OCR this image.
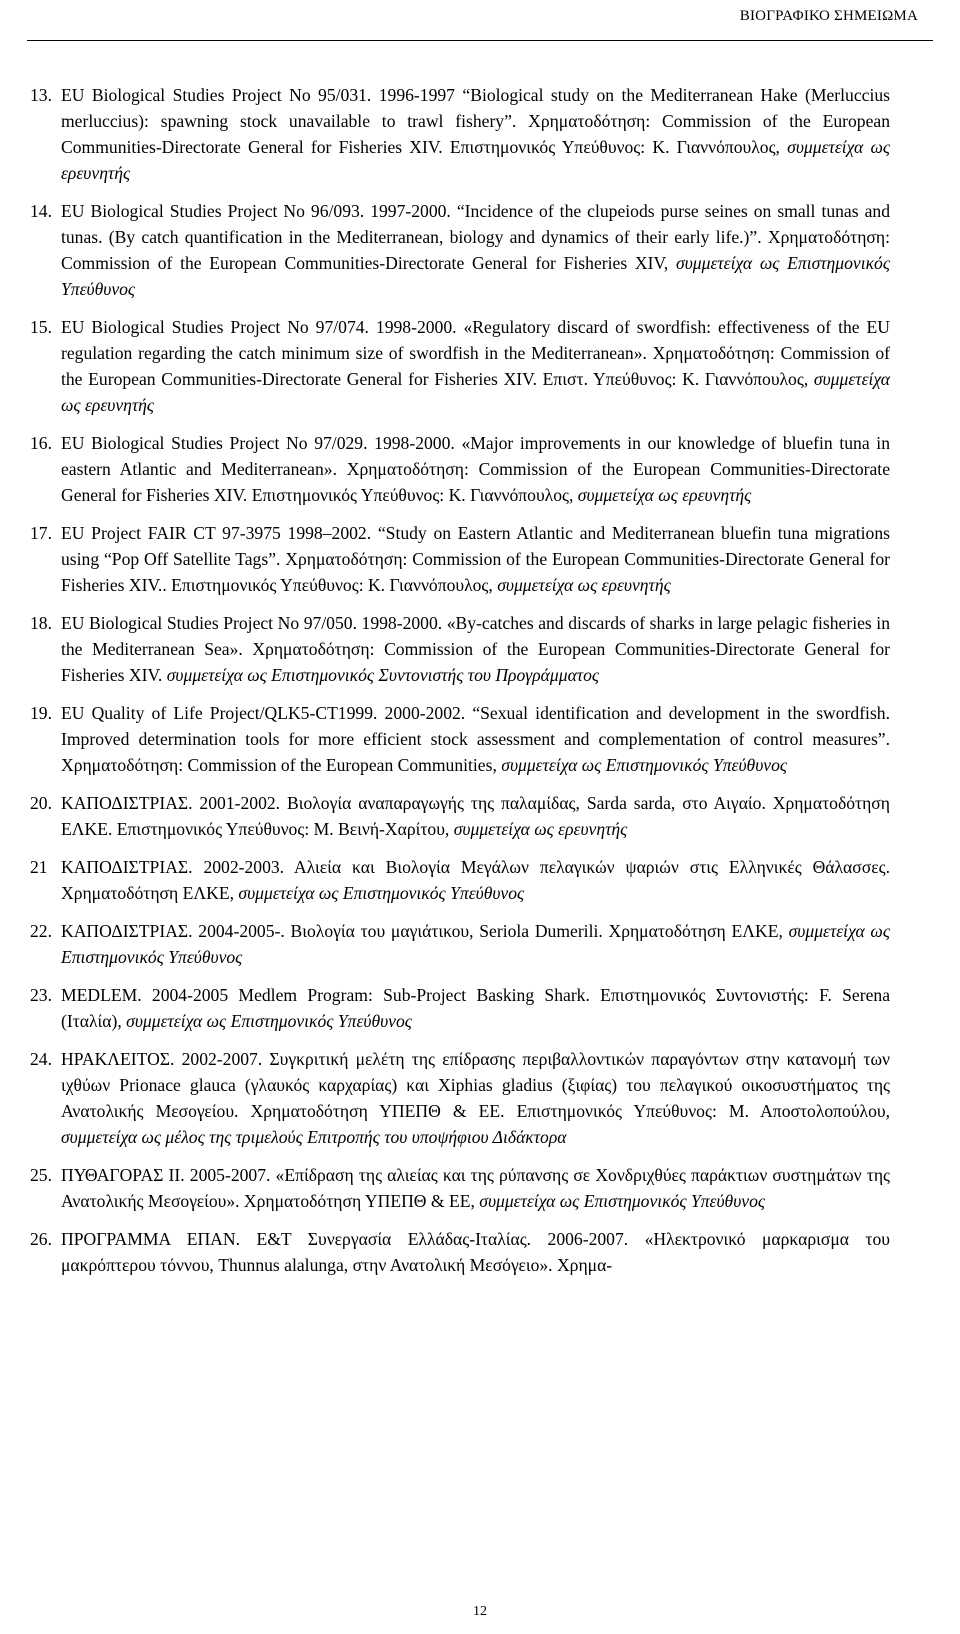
ΒΙΟΓΡΑΦΙΚΟ ΣΗΜΕΙΩΜΑ
13. EU Biological Studies Project No 95/031. 1996-1997 “Biological study on the Mediterranean Hake (Merluccius merluccius): spawning stock unavailable to trawl fishery”. Χρηματοδότηση: Commission of the European Communities-Directorate General for Fisheries XIV. Επιστημονικός Υπεύθυνος: Κ. Γιαννόπουλος, συμμετείχα ως ερευνητής
14. EU Biological Studies Project No 96/093. 1997-2000. “Incidence of the clupeiods purse seines on small tunas and tunas. (By catch quantification in the Mediterranean, biology and dynamics of their early life.)”. Χρηματοδότηση: Commission of the European Communities-Directorate General for Fisheries XIV, συμμετείχα ως Επιστημονικός Υπεύθυνος
15. EU Biological Studies Project No 97/074. 1998-2000. «Regulatory discard of swordfish: effectiveness of the EU regulation regarding the catch minimum size of swordfish in the Mediterranean». Χρηματοδότηση: Commission of the European Communities-Directorate General for Fisheries XIV. Επιστ. Υπεύθυνος: Κ. Γιαννόπουλος, συμμετείχα ως ερευνητής
16. EU Biological Studies Project No 97/029. 1998-2000. «Major improvements in our knowledge of bluefin tuna in eastern Atlantic and Mediterranean». Χρηματοδότηση: Commission of the European Communities-Directorate General for Fisheries XIV. Επιστημονικός Υπεύθυνος: Κ. Γιαννόπουλος, συμμετείχα ως ερευνητής
17. EU Project FAIR CT 97-3975 1998–2002. “Study on Eastern Atlantic and Mediterranean bluefin tuna migrations using “Pop Off Satellite Tags”. Χρηματοδότηση: Commission of the European Communities-Directorate General for Fisheries XIV.. Επιστημονικός Υπεύθυνος: Κ. Γιαννόπουλος, συμμετείχα ως ερευνητής
18. EU Biological Studies Project No 97/050. 1998-2000. «By-catches and discards of sharks in large pelagic fisheries in the Mediterranean Sea». Χρηματοδότηση: Commission of the European Communities-Directorate General for Fisheries XIV. συμμετείχα ως Επιστημονικός Συντονιστής του Προγράμματος
19. EU Quality of Life Project/QLK5-CT1999. 2000-2002. “Sexual identification and development in the swordfish. Improved determination tools for more efficient stock assessment and complementation of control measures”. Χρηματοδότηση: Commission of the European Communities, συμμετείχα ως Επιστημονικός Υπεύθυνος
20. ΚΑΠΟΔΙΣΤΡΙΑΣ. 2001-2002. Βιολογία αναπαραγωγής της παλαμίδας, Sarda sarda, στο Αιγαίο. Χρηματοδότηση ΕΛΚΕ. Επιστημονικός Υπεύθυνος: Μ. Βεινή-Χαρίτου, συμμετείχα ως ερευνητής
21 ΚΑΠΟΔΙΣΤΡΙΑΣ. 2002-2003. Αλιεία και Βιολογία Μεγάλων πελαγικών ψαριών στις Ελληνικές Θάλασσες. Χρηματοδότηση ΕΛΚΕ, συμμετείχα ως Επιστημονικός Υπεύθυνος
22. ΚΑΠΟΔΙΣΤΡΙΑΣ. 2004-2005-. Βιολογία του μαγιάτικου, Seriola Dumerili. Χρηματοδότηση ΕΛΚΕ, συμμετείχα ως Επιστημονικός Υπεύθυνος
23. MEDLEM. 2004-2005 Medlem Program: Sub-Project Basking Shark. Επιστημονικός Συντονιστής: F. Serena (Ιταλία), συμμετείχα ως Επιστημονικός Υπεύθυνος
24. ΗΡΑΚΛΕΙΤΟΣ. 2002-2007. Συγκριτική μελέτη της επίδρασης περιβαλλοντικών παραγόντων στην κατανομή των ιχθύων Prionace glauca (γλαυκός καρχαρίας) και Xiphias gladius (ξιφίας) του πελαγικού οικοσυστήματος της Ανατολικής Μεσογείου. Χρηματοδότηση ΥΠΕΠΘ & ΕΕ. Επιστημονικός Υπεύθυνος: Μ. Αποστολοπούλου, συμμετείχα ως μέλος της τριμελούς Επιτροπής του υποψήφιου Διδάκτορα
25. ΠΥΘΑΓΟΡΑΣ ΙΙ. 2005-2007. «Επίδραση της αλιείας και της ρύπανσης σε Χονδριχθύες παράκτιων συστημάτων της Ανατολικής Μεσογείου». Χρηματοδότηση ΥΠΕΠΘ & ΕΕ, συμμετείχα ως Επιστημονικός Υπεύθυνος
26. ΠΡΟΓΡΑΜΜΑ ΕΠΑΝ. Ε&Τ Συνεργασία Ελλάδας-Ιταλίας. 2006-2007. «Ηλεκτρονικό μαρκαρισμα του μακρόπτερου τόννου, Thunnus alalunga, στην Ανατολική Μεσόγειο». Χρημα-
12
